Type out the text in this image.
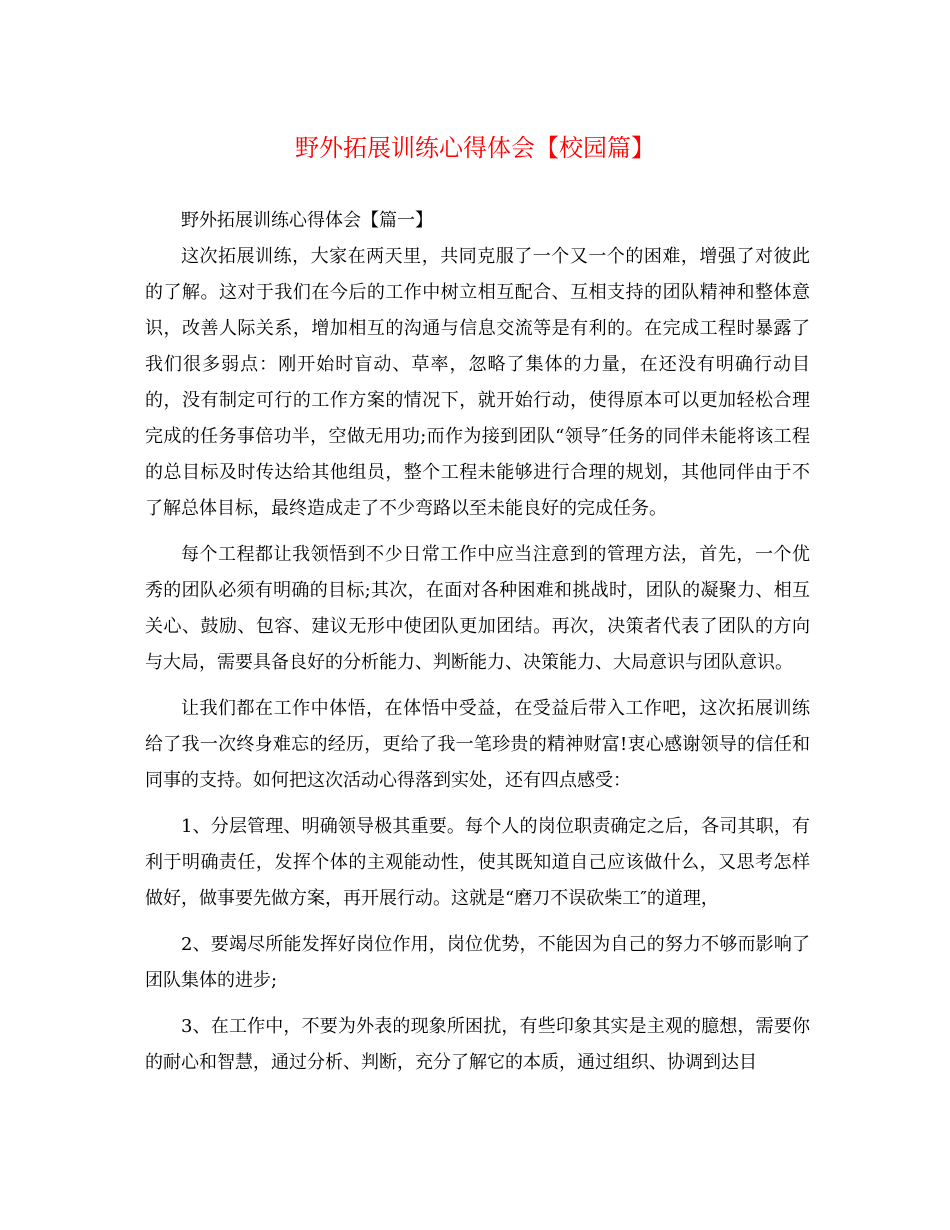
野外拓展训练心得体会【校园篇】

野外拓展训练心得体会【篇一】

这次拓展训练，大家在两天里，共同克服了一个又一个的困难，增强了对彼此的了解。这对于我们在今后的工作中树立相互配合、互相支持的团队精神和整体意识，改善人际关系，增加相互的沟通与信息交流等是有利的。在完成工程时暴露了我们很多弱点：刚开始时盲动、草率，忽略了集体的力量，在还没有明确行动目的，没有制定可行的工作方案的情况下，就开始行动，使得原本可以更加轻松合理完成的任务事倍功半，空做无用功;而作为接到团队“领导″任务的同伴未能将该工程的总目标及时传达给其他组员，整个工程未能够进行合理的规划，其他同伴由于不了解总体目标，最终造成走了不少弯路以至未能良好的完成任务。

每个工程都让我领悟到不少日常工作中应当注意到的管理方法，首先，一个优秀的团队必须有明确的目标;其次，在面对各种困难和挑战时，团队的凝聚力、相互关心、鼓励、包容、建议无形中使团队更加团结。再次，决策者代表了团队的方向与大局，需要具备良好的分析能力、判断能力、决策能力、大局意识与团队意识。

让我们都在工作中体悟，在体悟中受益，在受益后带入工作吧，这次拓展训练给了我一次终身难忘的经历，更给了我一笔珍贵的精神财富!衷心感谢领导的信任和同事的支持。如何把这次活动心得落到实处，还有四点感受：

1、分层管理、明确领导极其重要。每个人的岗位职责确定之后，各司其职，有利于明确责任，发挥个体的主观能动性，使其既知道自己应该做什么，又思考怎样做好，做事要先做方案，再开展行动。这就是“磨刀不误砍柴工″的道理，

2、要竭尽所能发挥好岗位作用，岗位优势，不能因为自己的努力不够而影响了团队集体的进步;

3、在工作中，不要为外表的现象所困扰，有些印象其实是主观的臆想，需要你的耐心和智慧，通过分析、判断，充分了解它的本质，通过组织、协调到达目
